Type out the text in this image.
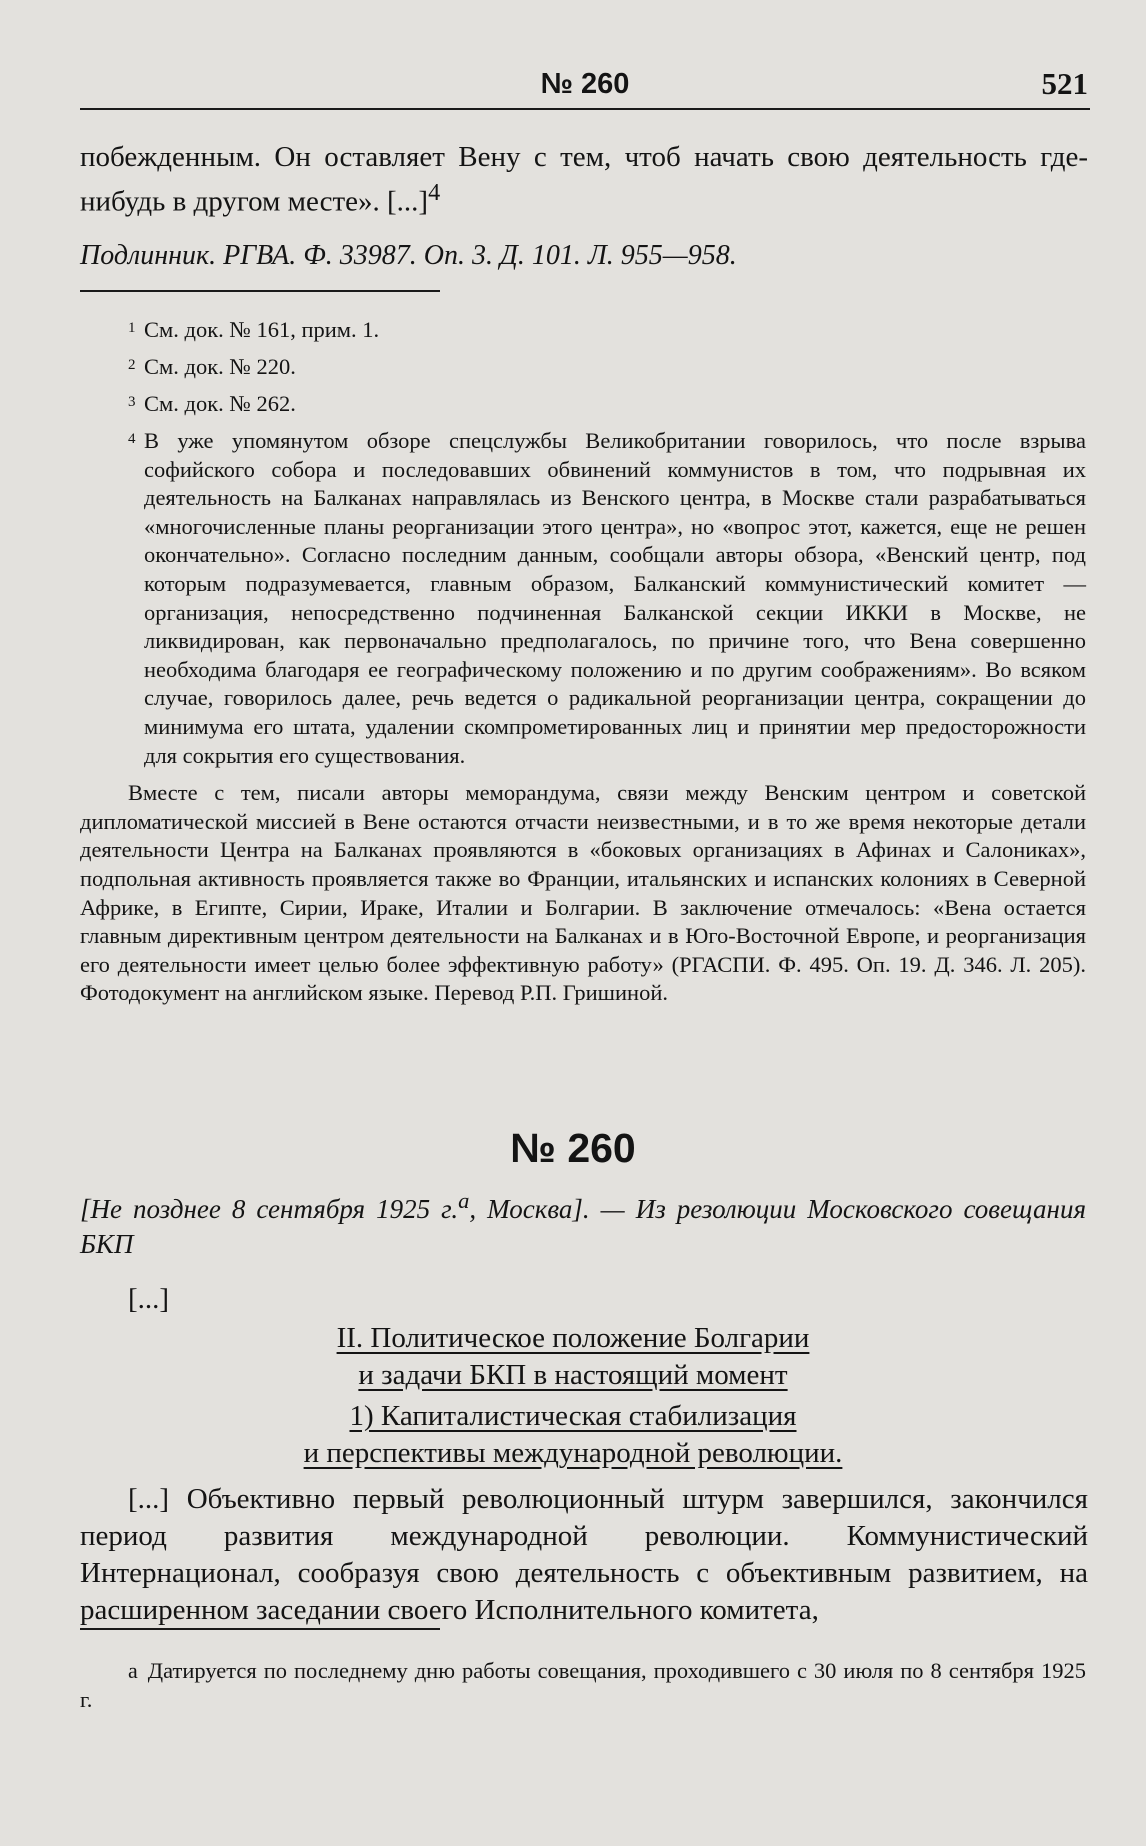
№ 260	521
побежденным. Он оставляет Вену с тем, чтоб начать свою деятельность где-нибудь в другом месте». [...]$^4$
Подлинник. РГВА. Ф. 33987. Оп. 3. Д. 101. Л. 955—958.
1 См. док. № 161, прим. 1.
2 См. док. № 220.
3 См. док. № 262.
4 В уже упомянутом обзоре спецслужбы Великобритании говорилось, что после взрыва софийского собора и последовавших обвинений коммунистов в том, что подрывная их деятельность на Балканах направлялась из Венского центра, в Москве стали разрабатываться «многочисленные планы реорганизации этого центра», но «вопрос этот, кажется, еще не решен окончательно». Согласно последним данным, сообщали авторы обзора, «Венский центр, под которым подразумевается, главным образом, Балканский коммунистический комитет — организация, непосредственно подчиненная Балканской секции ИККИ в Москве, не ликвидирован, как первоначально предполагалось, по причине того, что Вена совершенно необходима благодаря ее географическому положению и по другим соображениям». Во всяком случае, говорилось далее, речь ведется о радикальной реорганизации центра, сокращении до минимума его штата, удалении скомпрометированных лиц и принятии мер предосторожности для сокрытия его существования.
Вместе с тем, писали авторы меморандума, связи между Венским центром и советской дипломатической миссией в Вене остаются отчасти неизвестными, и в то же время некоторые детали деятельности Центра на Балканах проявляются в «боковых организациях в Афинах и Салониках», подпольная активность проявляется также во Франции, итальянских и испанских колониях в Северной Африке, в Египте, Сирии, Ираке, Италии и Болгарии. В заключение отмечалось: «Вена остается главным директивным центром деятельности на Балканах и в Юго-Восточной Европе, и реорганизация его деятельности имеет целью более эффективную работу» (РГАСПИ. Ф. 495. Оп. 19. Д. 346. Л. 205). Фотодокумент на английском языке. Перевод Р.П. Гришиной.
№ 260
[Не позднее 8 сентября 1925 г.$^а$, Москва]. — Из резолюции Московского совещания БКП
[...]
II. Политическое положение Болгарии
и задачи БКП в настоящий момент
1) Капиталистическая стабилизация
и перспективы международной революции.
[...] Объективно первый революционный штурм завершился, закончился период развития международной революции. Коммунистический Интернационал, сообразуя свою деятельность с объективным развитием, на расширенном заседании своего Исполнительного комитета,
а Датируется по последнему дню работы совещания, проходившего с 30 июля по 8 сентября 1925 г.
